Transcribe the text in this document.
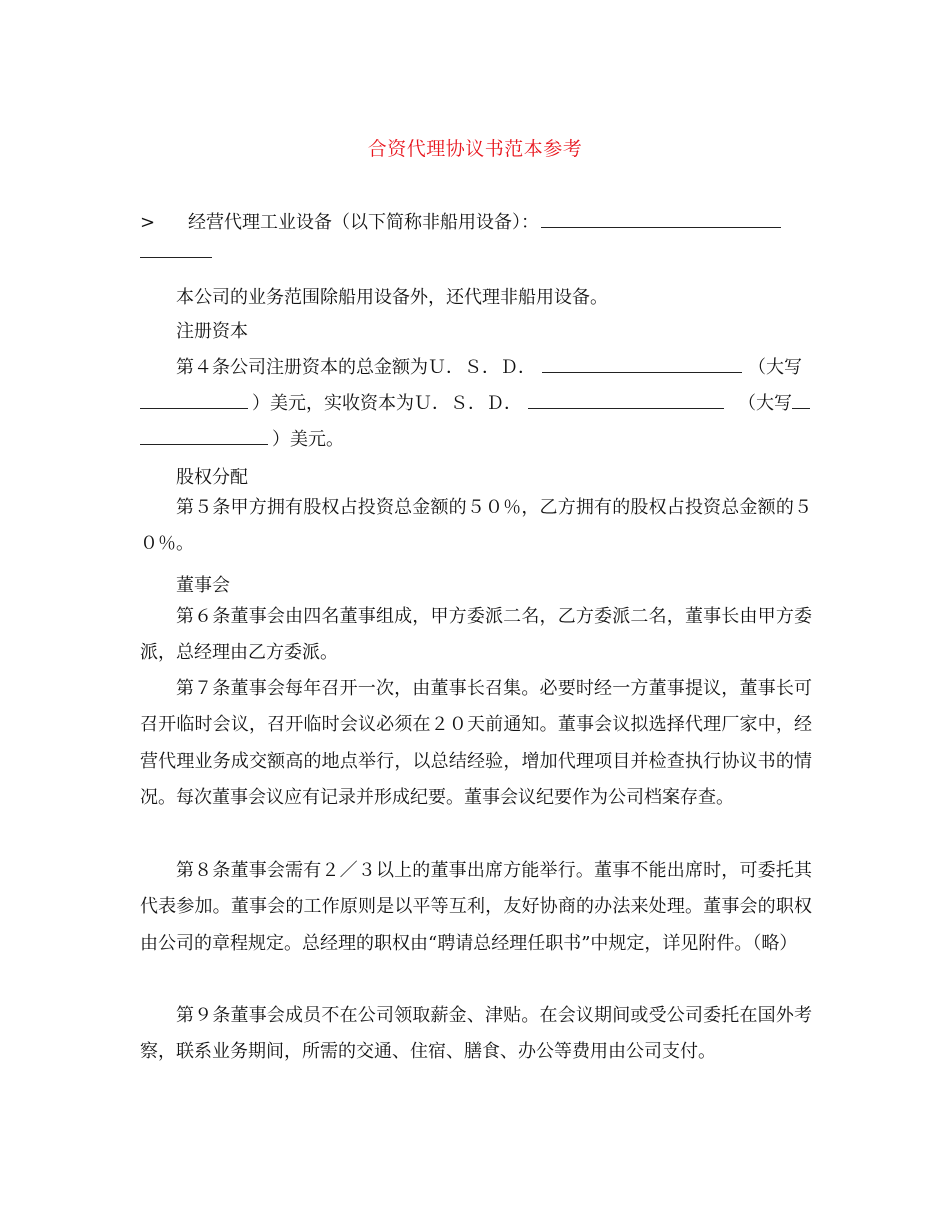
合资代理协议书范本参考
> 经营代理工业设备（以下简称非船用设备）：

本公司的业务范围除船用设备外，还代理非船用设备。

注册资本

第４条公司注册资本的总金额为Ｕ．Ｓ．Ｄ．	（大写

）美元，实收资本为Ｕ．Ｓ．Ｄ．	（大写

）美元。

股权分配

第５条甲方拥有股权占投资总金额的５０％，乙方拥有的股权占投资总金额的５０％。

董事会

第６条董事会由四名董事组成，甲方委派二名，乙方委派二名，董事长由甲方委派，总经理由乙方委派。

第７条董事会每年召开一次，由董事长召集。必要时经一方董事提议，董事长可召开临时会议，召开临时会议必须在２０天前通知。董事会议拟选择代理厂家中，经营代理业务成交额高的地点举行，以总结经验，增加代理项目并检查执行协议书的情况。每次董事会议应有记录并形成纪要。董事会议纪要作为公司档案存查。

第８条董事会需有２／３以上的董事出席方能举行。董事不能出席时，可委托其代表参加。董事会的工作原则是以平等互利，友好协商的办法来处理。董事会的职权由公司的章程规定。总经理的职权由“聘请总经理任职书”中规定，详见附件。（略）

第９条董事会成员不在公司领取薪金、津贴。在会议期间或受公司委托在国外考察，联系业务期间，所需的交通、住宿、膳食、办公等费用由公司支付。
